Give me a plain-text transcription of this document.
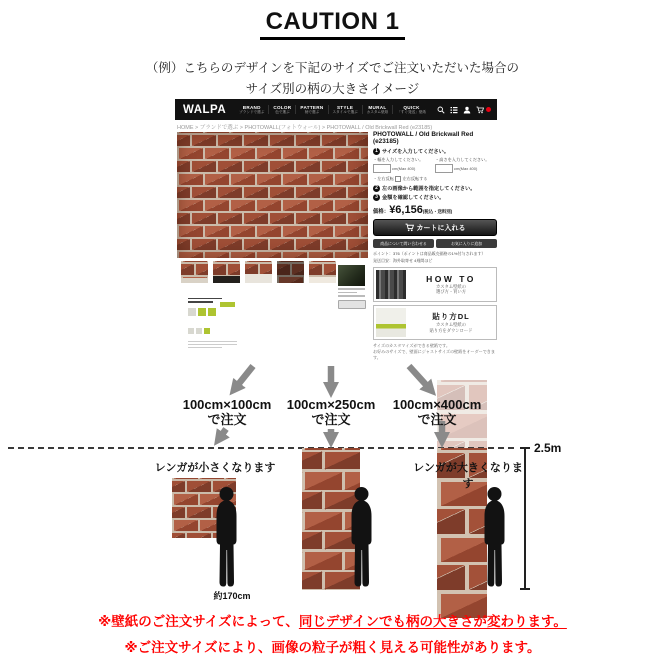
CAUTION 1
（例）こちらのデザインを下記のサイズでご注文いただいた場合の
サイズ別の柄の大きさイメージ
WALPA	BRAND
ブランドで選ぶ
COLOR
色で選ぶ
PATTERN
柄で選ぶ
STYLE
スタイルで選ぶ
MURAL
カスタム壁紙
QUICK
「すぐ発送」壁紙
HOME > ブランドで選ぶ > PHOTOWALL(フォトウォール) > PHOTOWALL / Old Brickwall Red (e23185)
PHOTOWALL / Old Brickwall Red (e23185)
1 サイズを入力してください。
・幅を入力してください。	・高さを入力してください。
cm(Max 400)	cm(Max 400)
・左右反転 左右反転する
2 左の画像から範囲を指定してください。
3 金額を確認してください。
価格：¥6,156(税込・送料別)
カートに入れる
商品について問い合わせる	お気に入りに追加
ポイント：376（ポイントは商品販売価格の1%付与されます）
発送目安：海外取寄せ 4週間ほど
HOW TO
カスタム壁紙の
選び方・買い方
貼り方DL
カスタム壁紙の
貼り方をダウンロード
サイズのカスタマイズができる壁紙です。
お好みのサイズで、壁面にジャストサイズの壁紙をオーダーできます。
100cm×100cm
で注文
100cm×250cm
で注文
100cm×400cm
で注文
2.5m
レンガが小さくなります	レンガが大きくなります
約170cm
※壁紙のご注文サイズによって、同じデザインでも柄の大きさが変わります。
※ご注文サイズにより、画像の粒子が粗く見える可能性があります。
